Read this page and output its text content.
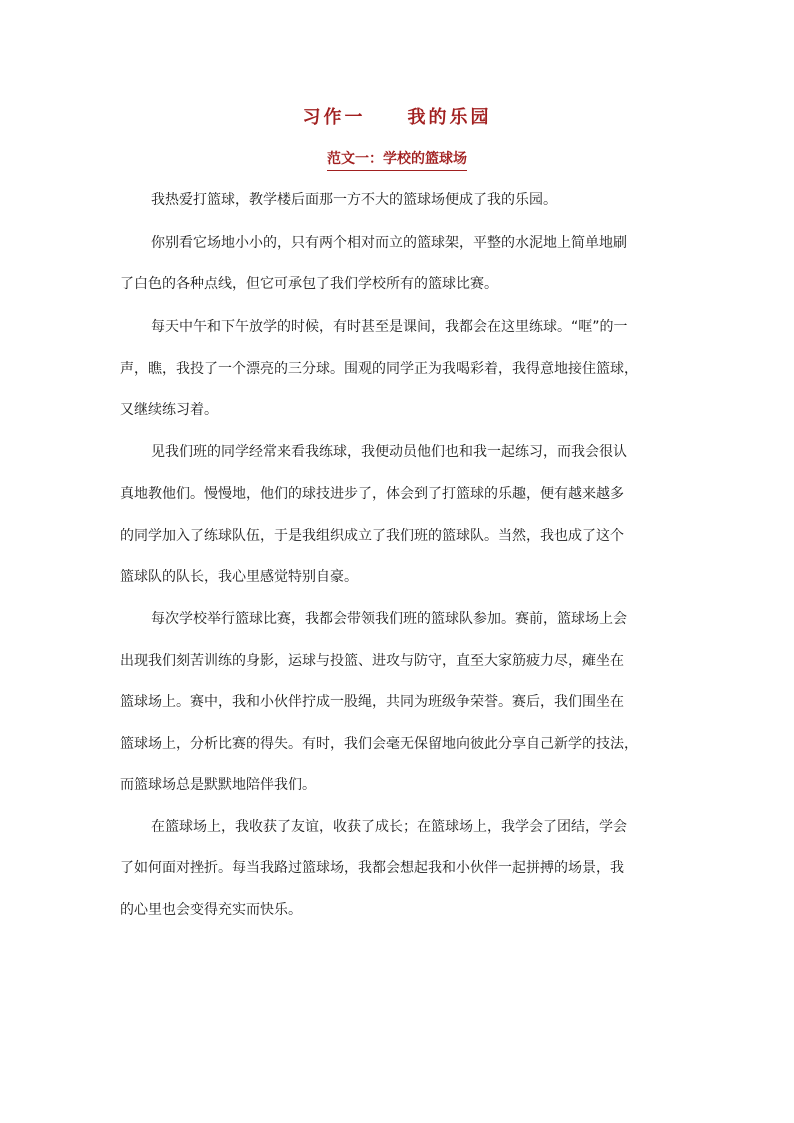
习作一　　我的乐园
范文一：学校的篮球场
我热爱打篮球，教学楼后面那一方不大的篮球场便成了我的乐园。
你别看它场地小小的，只有两个相对而立的篮球架，平整的水泥地上简单地刷
了白色的各种点线，但它可承包了我们学校所有的篮球比赛。
每天中午和下午放学的时候，有时甚至是课间，我都会在这里练球。“哐”的一
声，瞧，我投了一个漂亮的三分球。围观的同学正为我喝彩着，我得意地接住篮球，
又继续练习着。
见我们班的同学经常来看我练球，我便动员他们也和我一起练习，而我会很认
真地教他们。慢慢地，他们的球技进步了，体会到了打篮球的乐趣，便有越来越多
的同学加入了练球队伍，于是我组织成立了我们班的篮球队。当然，我也成了这个
篮球队的队长，我心里感觉特别自豪。
每次学校举行篮球比赛，我都会带领我们班的篮球队参加。赛前，篮球场上会
出现我们刻苦训练的身影，运球与投篮、进攻与防守，直至大家筋疲力尽，瘫坐在
篮球场上。赛中，我和小伙伴拧成一股绳，共同为班级争荣誉。赛后，我们围坐在
篮球场上，分析比赛的得失。有时，我们会毫无保留地向彼此分享自己新学的技法，
而篮球场总是默默地陪伴我们。
在篮球场上，我收获了友谊，收获了成长；在篮球场上，我学会了团结，学会
了如何面对挫折。每当我路过篮球场，我都会想起我和小伙伴一起拼搏的场景，我
的心里也会变得充实而快乐。
